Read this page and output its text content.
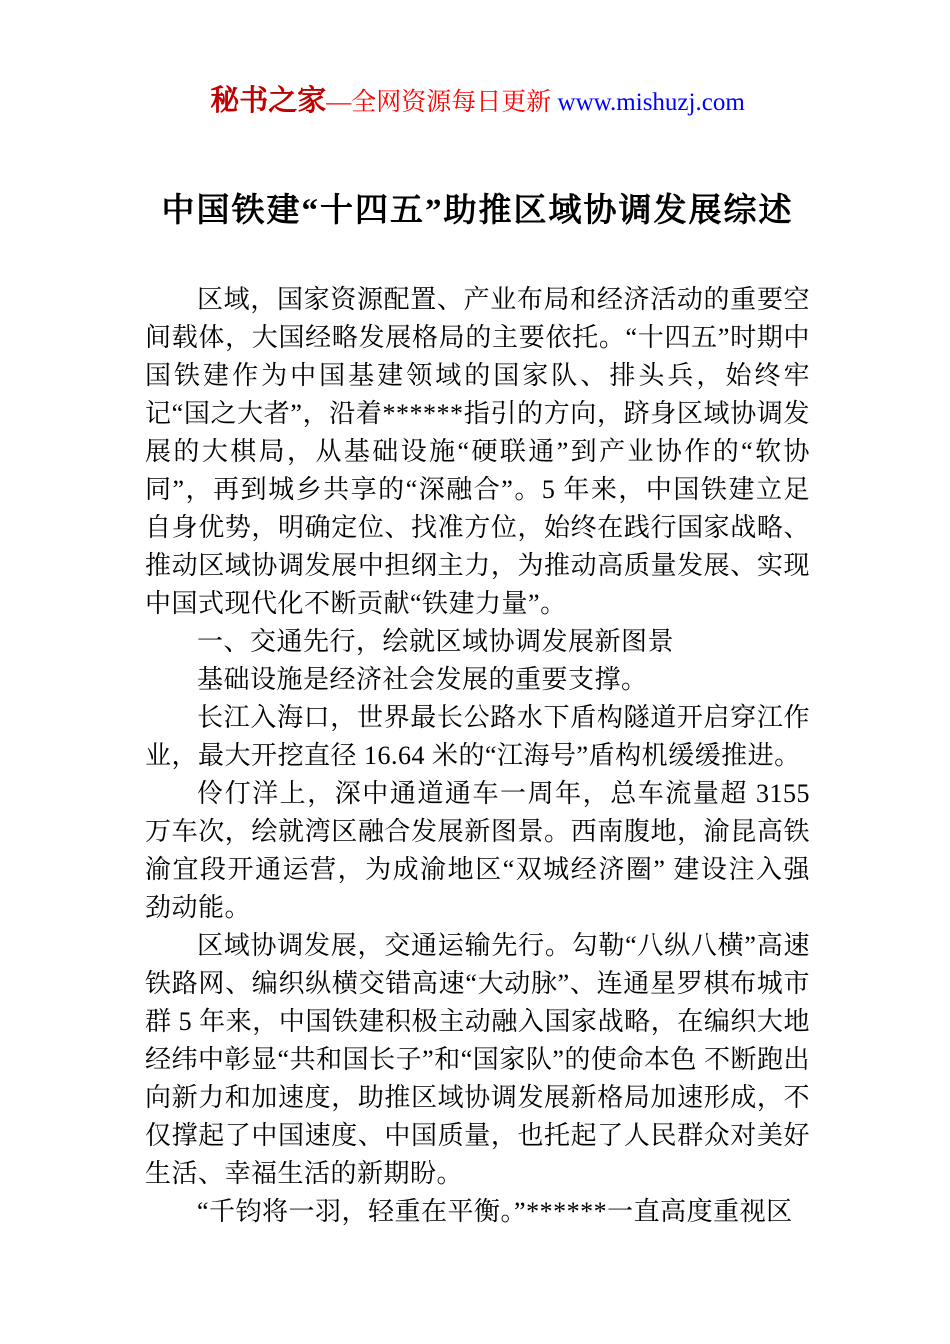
秘书之家—全网资源每日更新 www.mishuzj.com
中国铁建“十四五”助推区域协调发展综述

区域，国家资源配置、产业布局和经济活动的重要空间载体，大国经略发展格局的主要依托。“十四五”时期中国铁建作为中国基建领域的国家队、排头兵，始终牢记“国之大者”，沿着******指引的方向，跻身区域协调发展的大棋局，从基础设施“硬联通”到产业协作的“软协同”，再到城乡共享的“深融合”。5 年来，中国铁建立足自身优势，明确定位、找准方位，始终在践行国家战略、推动区域协调发展中担纲主力，为推动高质量发展、实现中国式现代化不断贡献“铁建力量”。

一、交通先行，绘就区域协调发展新图景

基础设施是经济社会发展的重要支撑。

长江入海口，世界最长公路水下盾构隧道开启穿江作业，最大开挖直径 16.64 米的“江海号”盾构机缓缓推进。

伶仃洋上，深中通道通车一周年，总车流量超 3155 万车次，绘就湾区融合发展新图景。西南腹地，渝昆高铁渝宜段开通运营，为成渝地区“双城经济圈” 建设注入强劲动能。

区域协调发展，交通运输先行。勾勒“八纵八横”高速铁路网、编织纵横交错高速“大动脉”、连通星罗棋布城市群 5 年来，中国铁建积极主动融入国家战略，在编织大地经纬中彰显“共和国长子”和“国家队”的使命本色 不断跑出向新力和加速度，助推区域协调发展新格局加速形成，不仅撑起了中国速度、中国质量，也托起了人民群众对美好生活、幸福生活的新期盼。

“千钧将一羽，轻重在平衡。”******一直高度重视区
